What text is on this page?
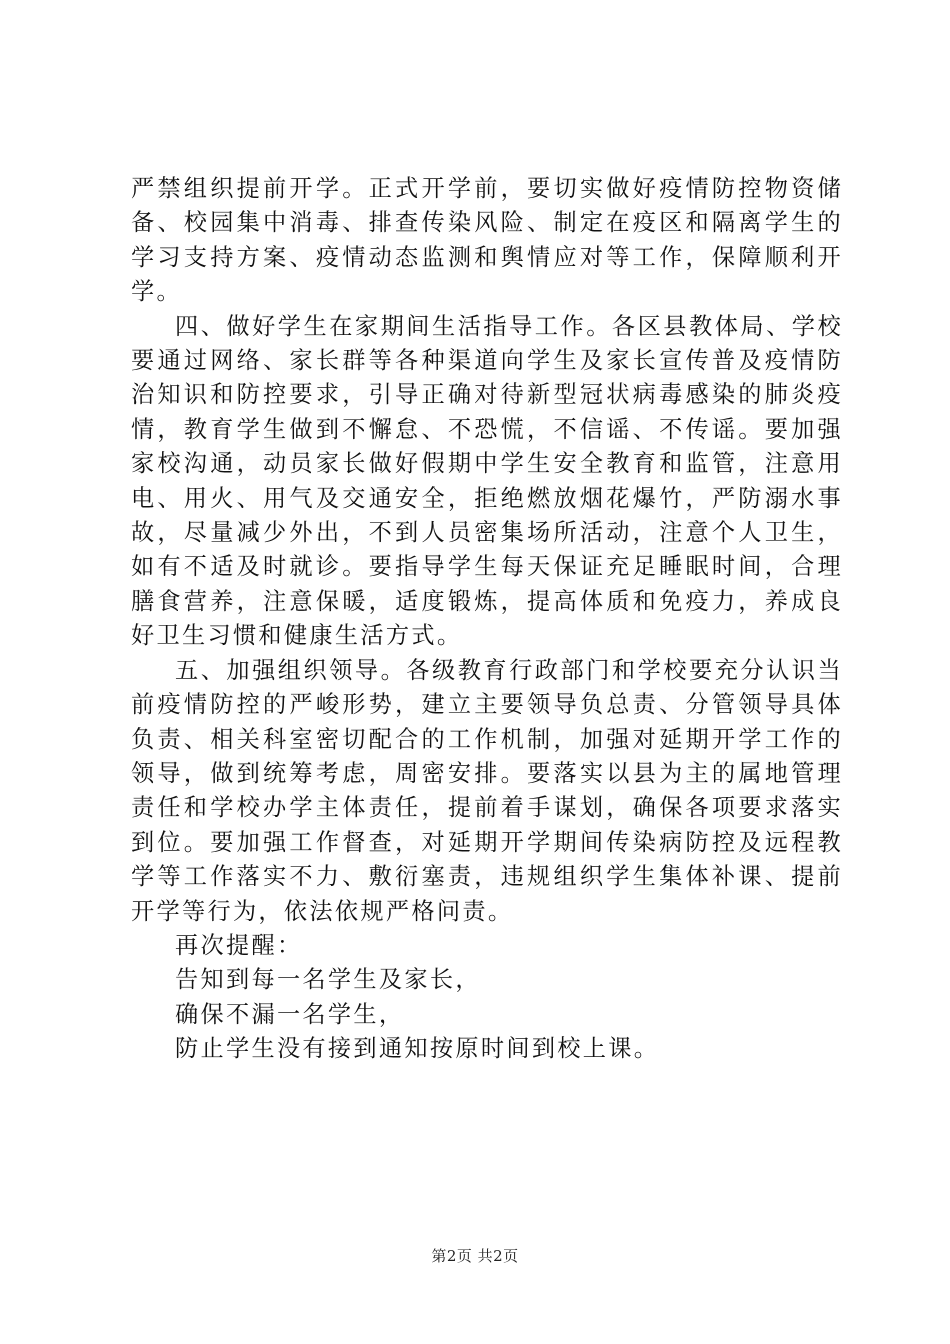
严禁组织提前开学。正式开学前，要切实做好疫情防控物资储备、校园集中消毒、排查传染风险、制定在疫区和隔离学生的学习支持方案、疫情动态监测和舆情应对等工作，保障顺利开学。

四、做好学生在家期间生活指导工作。各区县教体局、学校要通过网络、家长群等各种渠道向学生及家长宣传普及疫情防治知识和防控要求，引导正确对待新型冠状病毒感染的肺炎疫情，教育学生做到不懈怠、不恐慌，不信谣、不传谣。要加强家校沟通，动员家长做好假期中学生安全教育和监管，注意用电、用火、用气及交通安全，拒绝燃放烟花爆竹，严防溺水事故，尽量减少外出，不到人员密集场所活动，注意个人卫生，如有不适及时就诊。要指导学生每天保证充足睡眠时间，合理膳食营养，注意保暖，适度锻炼，提高体质和免疫力，养成良好卫生习惯和健康生活方式。

五、加强组织领导。各级教育行政部门和学校要充分认识当前疫情防控的严峻形势，建立主要领导负总责、分管领导具体负责、相关科室密切配合的工作机制，加强对延期开学工作的领导，做到统筹考虑，周密安排。要落实以县为主的属地管理责任和学校办学主体责任，提前着手谋划，确保各项要求落实到位。要加强工作督查，对延期开学期间传染病防控及远程教学等工作落实不力、敷衍塞责，违规组织学生集体补课、提前开学等行为，依法依规严格问责。

再次提醒：

告知到每一名学生及家长，

确保不漏一名学生，

防止学生没有接到通知按原时间到校上课。

第2页 共2页
